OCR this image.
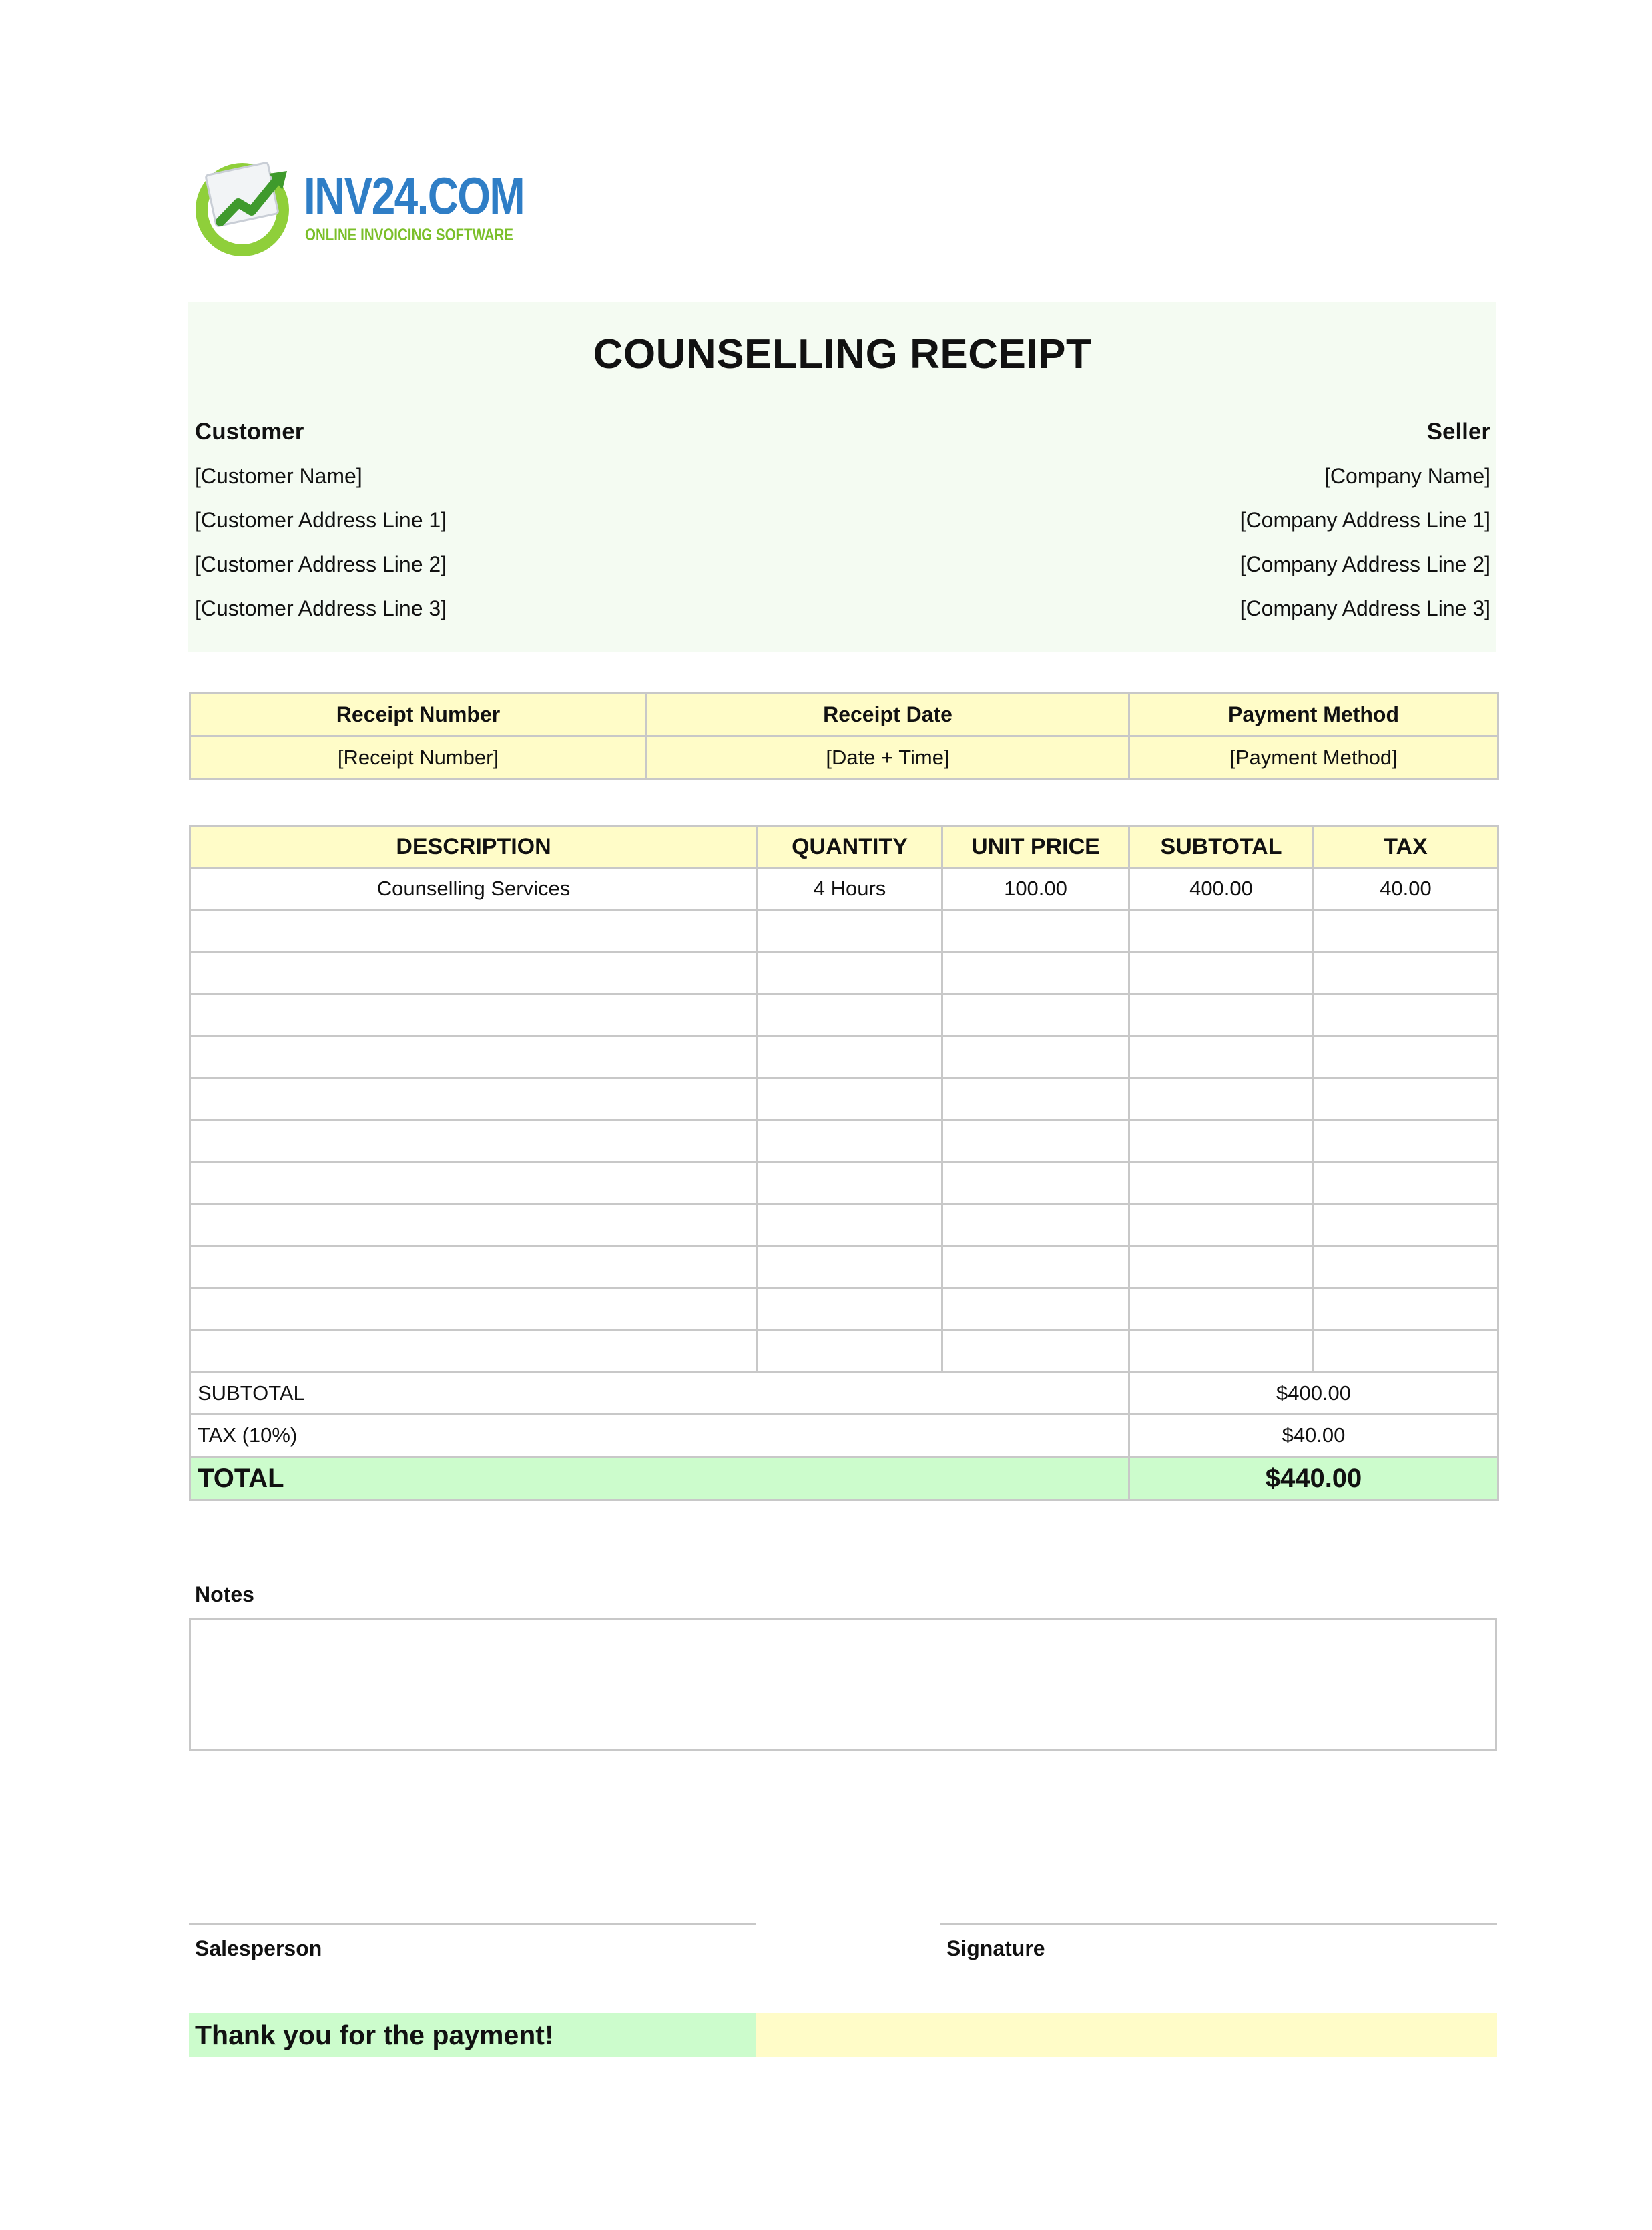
INV24.COM
ONLINE INVOICING SOFTWARE
COUNSELLING RECEIPT
Customer
[Customer Name]
[Customer Address Line 1]
[Customer Address Line 2]
[Customer Address Line 3]
Seller
[Company Name]
[Company Address Line 1]
[Company Address Line 2]
[Company Address Line 3]
Receipt Number	Receipt Date	Payment Method
[Receipt Number]	[Date + Time]	[Payment Method]
DESCRIPTION	QUANTITY	UNIT PRICE	SUBTOTAL	TAX
Counselling Services	4 Hours	100.00	400.00	40.00

SUBTOTAL			$400.00	
TAX (10%)			$40.00	
TOTAL			$440.00	
Notes
Salesperson	Signature
Thank you for the payment!
